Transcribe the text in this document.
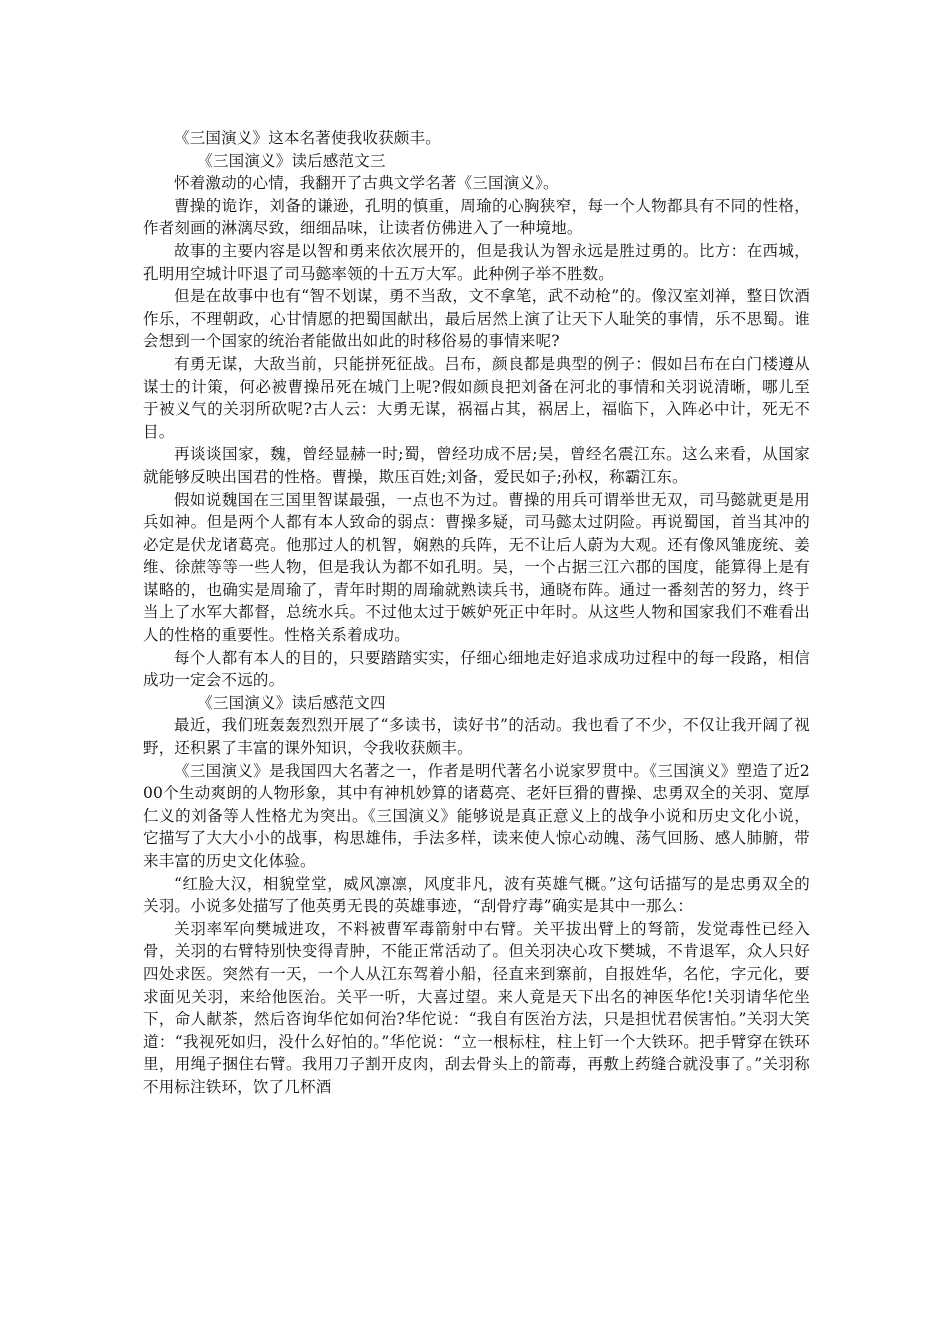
《三国演义》这本名著使我收获颇丰。

《三国演义》读后感范文三

怀着激动的心情，我翻开了古典文学名著《三国演义》。

曹操的诡诈，刘备的谦逊，孔明的慎重，周瑜的心胸狭窄，每一个人物都具有不同的性格，作者刻画的淋漓尽致，细细品味，让读者仿佛进入了一种境地。

故事的主要内容是以智和勇来依次展开的，但是我认为智永远是胜过勇的。比方：在西城，孔明用空城计吓退了司马懿率领的十五万大军。此种例子举不胜数。

但是在故事中也有“智不划谋，勇不当敌，文不拿笔，武不动枪”的。像汉室刘禅，整日饮酒作乐，不理朝政，心甘情愿的把蜀国献出，最后居然上演了让天下人耻笑的事情，乐不思蜀。谁会想到一个国家的统治者能做出如此的时移俗易的事情来呢?

有勇无谋，大敌当前，只能拼死征战。吕布，颜良都是典型的例子：假如吕布在白门楼遵从谋士的计策，何必被曹操吊死在城门上呢?假如颜良把刘备在河北的事情和关羽说清晰，哪儿至于被义气的关羽所砍呢?古人云：大勇无谋，祸福占其，祸居上，福临下，入阵必中计，死无不目。

再谈谈国家，魏，曾经显赫一时;蜀，曾经功成不居;吴，曾经名震江东。这么来看，从国家就能够反映出国君的性格。曹操，欺压百姓;刘备，爱民如子;孙权，称霸江东。

假如说魏国在三国里智谋最强，一点也不为过。曹操的用兵可谓举世无双，司马懿就更是用兵如神。但是两个人都有本人致命的弱点：曹操多疑，司马懿太过阴险。再说蜀国，首当其冲的必定是伏龙诸葛亮。他那过人的机智，娴熟的兵阵，无不让后人蔚为大观。还有像风雏庞统、姜维、徐蔗等等一些人物，但是我认为都不如孔明。吴，一个占据三江六郡的国度，能算得上是有谋略的，也确实是周瑜了，青年时期的周瑜就熟读兵书，通晓布阵。通过一番刻苦的努力，终于当上了水军大都督，总统水兵。不过他太过于嫉妒死正中年时。从这些人物和国家我们不难看出人的性格的重要性。性格关系着成功。

每个人都有本人的目的，只要踏踏实实，仔细心细地走好追求成功过程中的每一段路，相信成功一定会不远的。

《三国演义》读后感范文四

最近，我们班轰轰烈烈开展了“多读书，读好书”的活动。我也看了不少，不仅让我开阔了视野，还积累了丰富的课外知识，令我收获颇丰。

《三国演义》是我国四大名著之一，作者是明代著名小说家罗贯中。《三国演义》塑造了近200个生动爽朗的人物形象，其中有神机妙算的诸葛亮、老奸巨猾的曹操、忠勇双全的关羽、宽厚仁义的刘备等人性格尤为突出。《三国演义》能够说是真正意义上的战争小说和历史文化小说，它描写了大大小小的战事，构思雄伟，手法多样，读来使人惊心动魄、荡气回肠、感人肺腑，带来丰富的历史文化体验。

“红脸大汉，相貌堂堂，威风凛凛，风度非凡，波有英雄气概。”这句话描写的是忠勇双全的关羽。小说多处描写了他英勇无畏的英雄事迹，“刮骨疗毒”确实是其中一那么：

关羽率军向樊城进攻，不料被曹军毒箭射中右臂。关平拔出臂上的弩箭，发觉毒性已经入骨，关羽的右臂特别快变得青肿，不能正常活动了。但关羽决心攻下樊城，不肯退军，众人只好四处求医。突然有一天，一个人从江东驾着小船，径直来到寨前，自报姓华，名佗，字元化，要求面见关羽，来给他医治。关平一听，大喜过望。来人竟是天下出名的神医华佗!关羽请华佗坐下，命人献茶，然后咨询华佗如何治?华佗说：“我自有医治方法，只是担忧君侯害怕。”关羽大笑道：“我视死如归，没什么好怕的。”华佗说：“立一根标柱，柱上钉一个大铁环。把手臂穿在铁环里，用绳子捆住右臂。我用刀子割开皮肉，刮去骨头上的箭毒，再敷上药缝合就没事了。”关羽称不用标注铁环，饮了几杯酒
